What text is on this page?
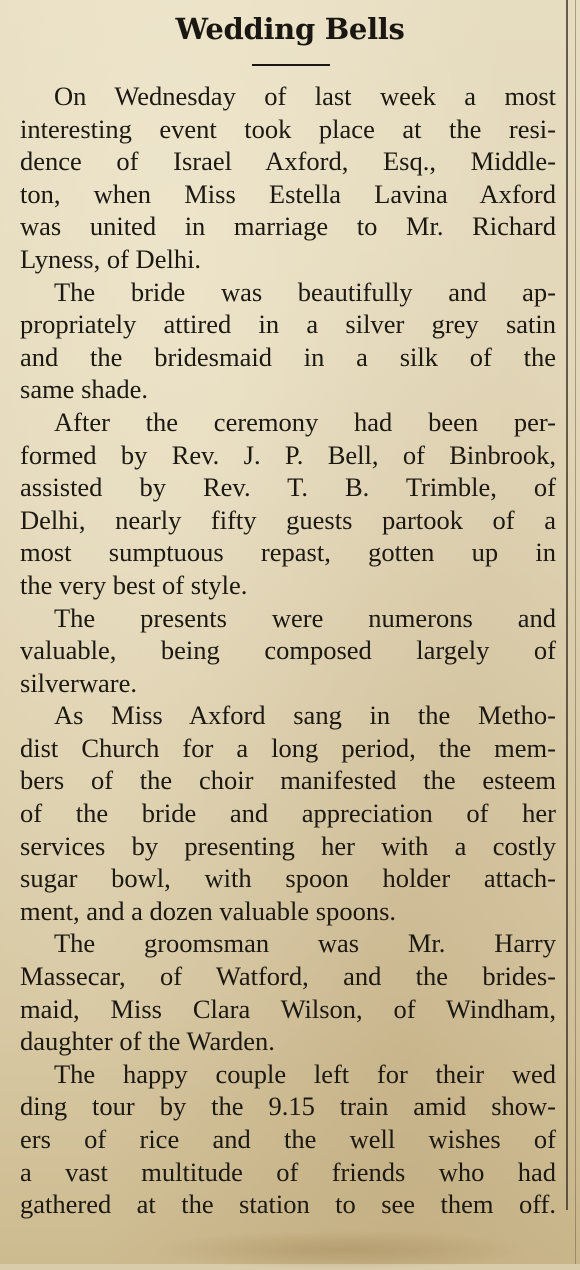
Wedding Bells
On Wednesday of last week a most
interesting event took place at the resi-
dence of Israel Axford, Esq., Middle-
ton, when Miss Estella Lavina Axford
was united in marriage to Mr. Richard
Lyness, of Delhi.
The bride was beautifully and ap-
propriately attired in a silver grey satin
and the bridesmaid in a silk of the
same shade.
After the ceremony had been per-
formed by Rev. J. P. Bell, of Binbrook,
assisted by Rev. T. B. Trimble, of
Delhi, nearly fifty guests partook of a
most sumptuous repast, gotten up in
the very best of style.
The presents were numerons and
valuable, being composed largely of
silverware.
As Miss Axford sang in the Metho-
dist Church for a long period, the mem-
bers of the choir manifested the esteem
of the bride and appreciation of her
services by presenting her with a costly
sugar bowl, with spoon holder attach-
ment, and a dozen valuable spoons.
The groomsman was Mr. Harry
Massecar, of Watford, and the brides-
maid, Miss Clara Wilson, of Windham,
daughter of the Warden.
The happy couple left for their wed
ding tour by the 9.15 train amid show-
ers of rice and the well wishes of
a vast multitude of friends who had
gathered at the station to see them off.
